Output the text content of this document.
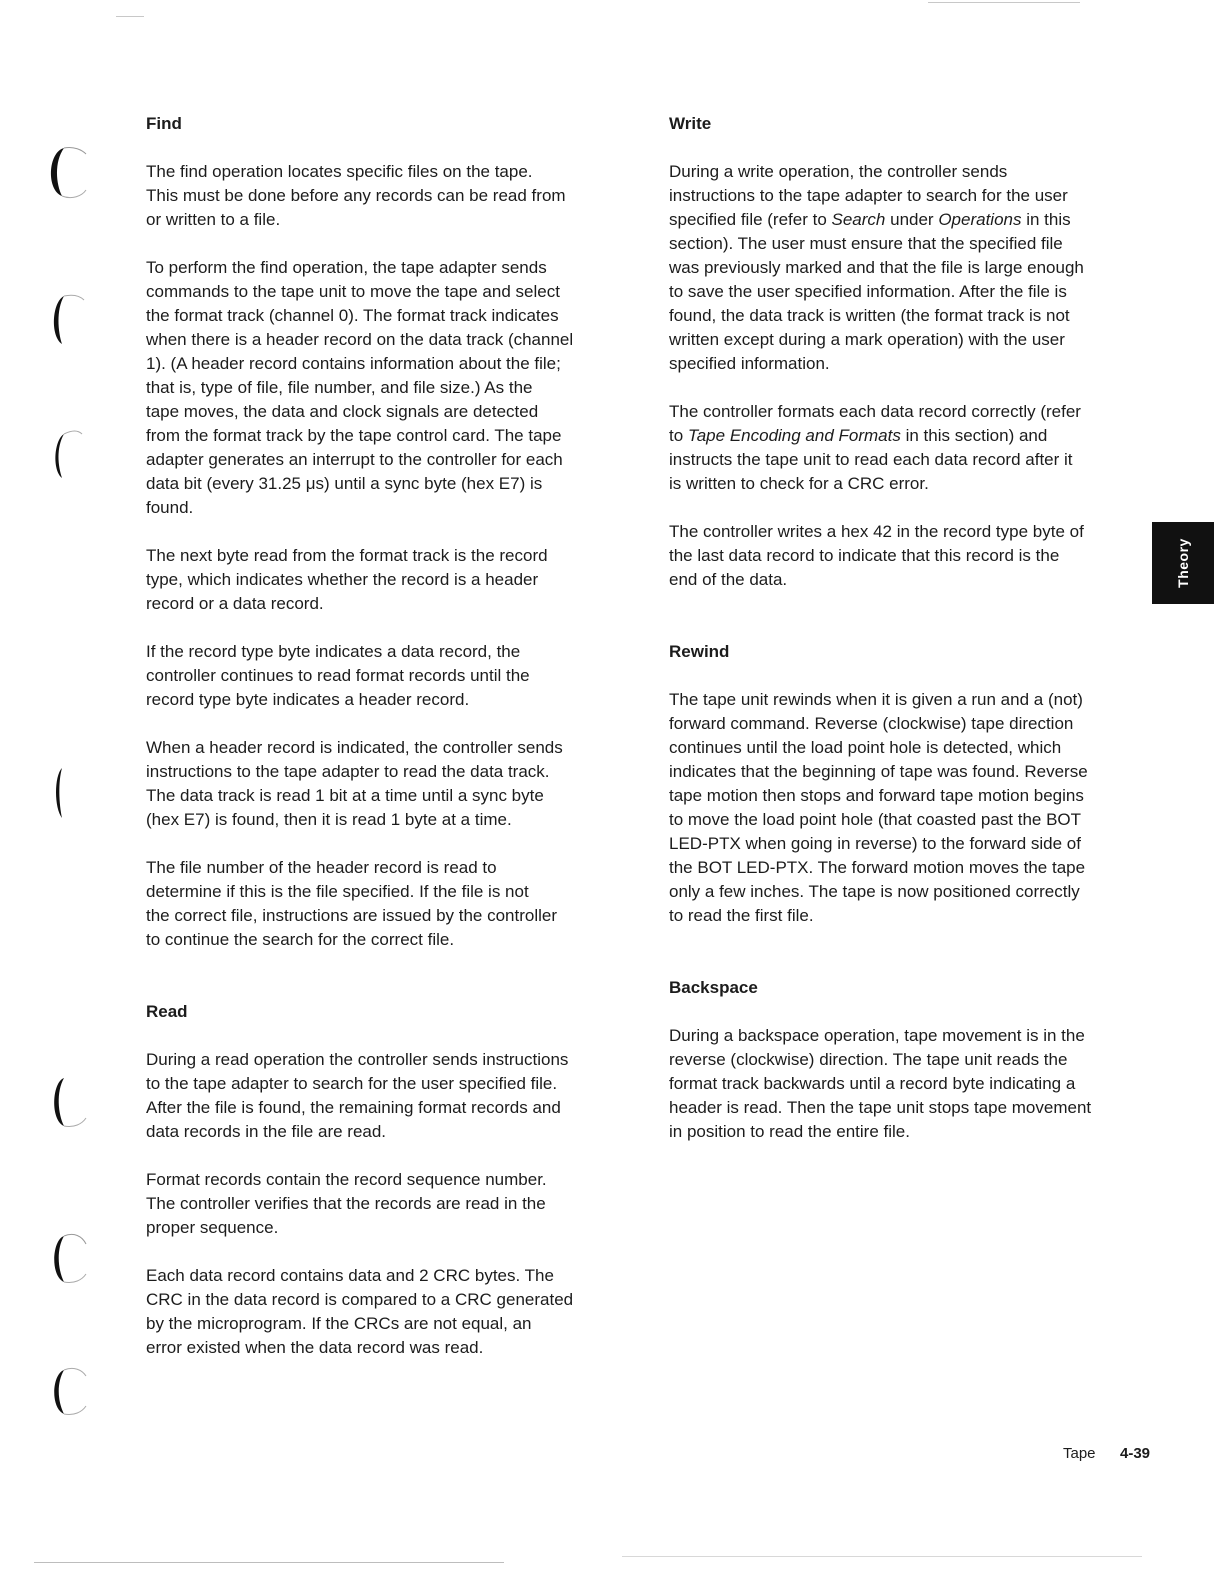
Find
The find operation locates specific files on the tape.
This must be done before any records can be read from
or written to a file.
To perform the find operation, the tape adapter sends
commands to the tape unit to move the tape and select
the format track (channel 0). The format track indicates
when there is a header record on the data track (channel
1). (A header record contains information about the file;
that is, type of file, file number, and file size.) As the
tape moves, the data and clock signals are detected
from the format track by the tape control card. The tape
adapter generates an interrupt to the controller for each
data bit (every 31.25 μs) until a sync byte (hex E7) is
found.
The next byte read from the format track is the record
type, which indicates whether the record is a header
record or a data record.
If the record type byte indicates a data record, the
controller continues to read format records until the
record type byte indicates a header record.
When a header record is indicated, the controller sends
instructions to the tape adapter to read the data track.
The data track is read 1 bit at a time until a sync byte
(hex E7) is found, then it is read 1 byte at a time.
The file number of the header record is read to
determine if this is the file specified. If the file is not
the correct file, instructions are issued by the controller
to continue the search for the correct file.
Read
During a read operation the controller sends instructions
to the tape adapter to search for the user specified file.
After the file is found, the remaining format records and
data records in the file are read.
Format records contain the record sequence number.
The controller verifies that the records are read in the
proper sequence.
Each data record contains data and 2 CRC bytes. The
CRC in the data record is compared to a CRC generated
by the microprogram. If the CRCs are not equal, an
error existed when the data record was read.
Write
During a write operation, the controller sends
instructions to the tape adapter to search for the user
specified file (refer to Search under Operations in this
section). The user must ensure that the specified file
was previously marked and that the file is large enough
to save the user specified information. After the file is
found, the data track is written (the format track is not
written except during a mark operation) with the user
specified information.
The controller formats each data record correctly (refer
to Tape Encoding and Formats in this section) and
instructs the tape unit to read each data record after it
is written to check for a CRC error.
The controller writes a hex 42 in the record type byte of
the last data record to indicate that this record is the
end of the data.
Rewind
The tape unit rewinds when it is given a run and a (not)
forward command. Reverse (clockwise) tape direction
continues until the load point hole is detected, which
indicates that the beginning of tape was found. Reverse
tape motion then stops and forward tape motion begins
to move the load point hole (that coasted past the BOT
LED-PTX when going in reverse) to the forward side of
the BOT LED-PTX. The forward motion moves the tape
only a few inches. The tape is now positioned correctly
to read the first file.
Backspace
During a backspace operation, tape movement is in the
reverse (clockwise) direction. The tape unit reads the
format track backwards until a record byte indicating a
header is read. Then the tape unit stops tape movement
in position to read the entire file.
Theory
Tape 4-39
